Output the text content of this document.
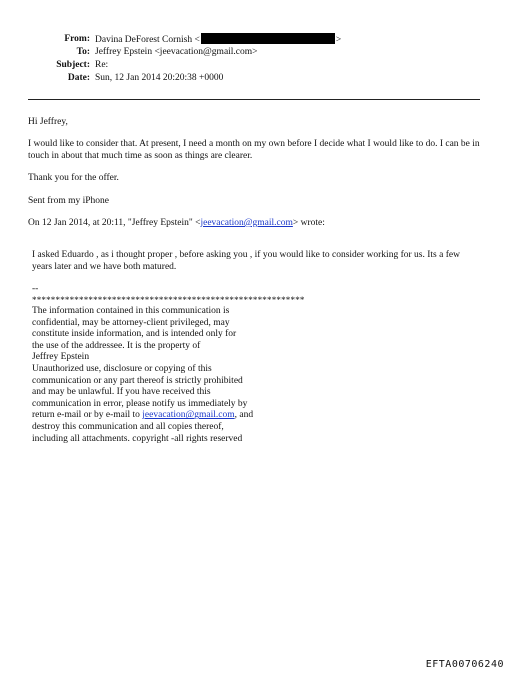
From: Davina DeForest Cornish <	>
To: Jeffrey Epstein <jeevacation@gmail.com>
Subject: Re:
Date: Sun, 12 Jan 2014 20:20:38 +0000

Hi Jeffrey,

I would like to consider that. At present, I need a month on my own before I decide what I would like to do. I can be in touch in about that much time as soon as things are clearer.

Thank you for the offer.

Sent from my iPhone

On 12 Jan 2014, at 20:11, "Jeffrey Epstein" <jeevacation@gmail.com> wrote:

I asked Eduardo , as i thought proper , before asking you , if you would like to consider working for us. Its a few years later and we have both matured.

--

**********************************************************

The information contained in this communication is
confidential, may be attorney-client privileged, may
constitute inside information, and is intended only for
the use of the addressee. It is the property of
Jeffrey Epstein
Unauthorized use, disclosure or copying of this
communication or any part thereof is strictly prohibited
and may be unlawful. If you have received this
communication in error, please notify us immediately by
return e-mail or by e-mail to jeevacation@gmail.com, and
destroy this communication and all copies thereof,
including all attachments. copyright -all rights reserved
EFTA00706240
